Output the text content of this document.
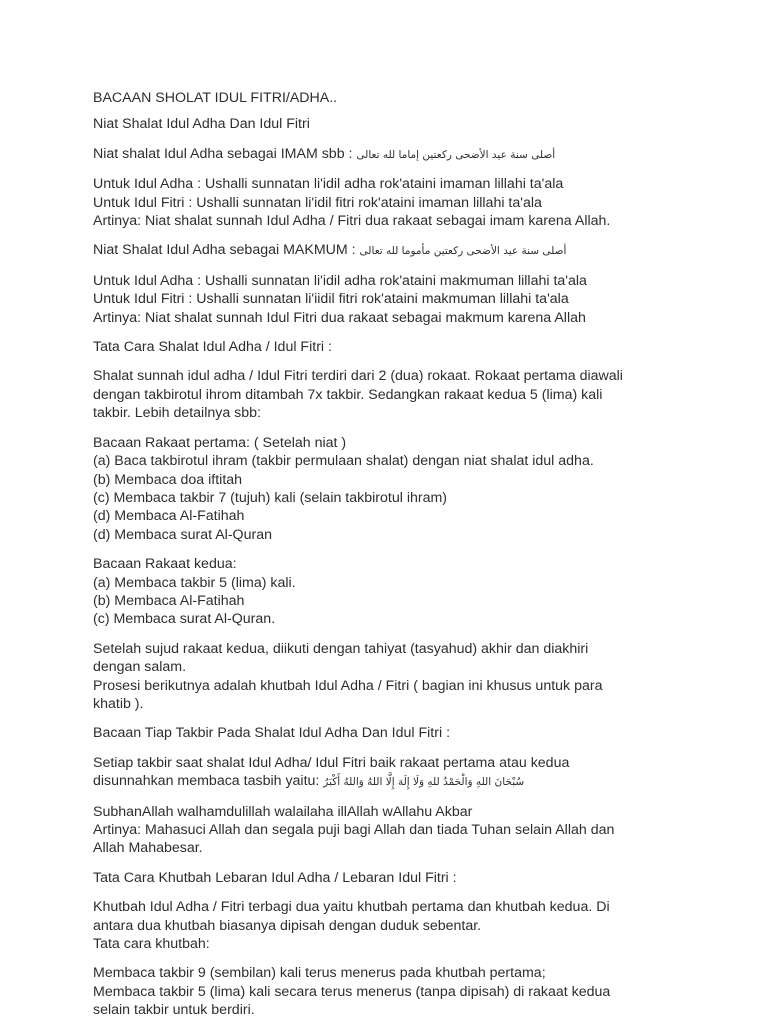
BACAAN SHOLAT IDUL FITRI/ADHA..

Niat Shalat Idul Adha Dan Idul Fitri

Niat shalat Idul Adha sebagai IMAM sbb : أصلى سنة عيد الأضحى ركعتين إماما لله تعالى

Untuk Idul Adha : Ushalli sunnatan li'idil adha rok'ataini imaman lillahi ta'ala
Untuk Idul Fitri : Ushalli sunnatan li'idil fitri rok'ataini imaman lillahi ta'ala
Artinya: Niat shalat sunnah Idul Adha / Fitri dua rakaat sebagai imam karena Allah.

Niat Shalat Idul Adha sebagai MAKMUM : أصلى سنة عيد الأضحى ركعتين مأموما لله تعالى

Untuk Idul Adha : Ushalli sunnatan li'idil adha rok'ataini makmuman lillahi ta'ala
Untuk Idul Fitri : Ushalli sunnatan li'iidil fitri rok'ataini makmuman lillahi ta'ala
Artinya: Niat shalat sunnah Idul Fitri dua rakaat sebagai makmum karena Allah

Tata Cara Shalat Idul Adha / Idul Fitri :

Shalat sunnah idul adha / Idul Fitri terdiri dari 2 (dua) rokaat. Rokaat pertama diawali
dengan takbirotul ihrom ditambah 7x takbir. Sedangkan rakaat kedua 5 (lima) kali
takbir. Lebih detailnya sbb:

Bacaan Rakaat pertama: ( Setelah niat )
(a) Baca takbirotul ihram (takbir permulaan shalat) dengan niat shalat idul adha.
(b) Membaca doa iftitah
(c) Membaca takbir 7 (tujuh) kali (selain takbirotul ihram)
(d) Membaca Al-Fatihah
(d) Membaca surat Al-Quran

Bacaan Rakaat kedua:
(a) Membaca takbir 5 (lima) kali.
(b) Membaca Al-Fatihah
(c) Membaca surat Al-Quran.

Setelah sujud rakaat kedua, diikuti dengan tahiyat (tasyahud) akhir dan diakhiri
dengan salam.
Prosesi berikutnya adalah khutbah Idul Adha / Fitri ( bagian ini khusus untuk para
khatib ).

Bacaan Tiap Takbir Pada Shalat Idul Adha Dan Idul Fitri :

Setiap takbir saat shalat Idul Adha/ Idul Fitri baik rakaat pertama atau kedua
disunnahkan membaca tasbih yaitu: سُبْحَانَ اللهِ وَالْحَمْدُ للهِ وَلَا إِلَهَ إِلَّا اللهُ وَاللهُ أَكْبَرُ

SubhanAllah walhamdulillah walailaha illAllah wAllahu Akbar
Artinya: Mahasuci Allah dan segala puji bagi Allah dan tiada Tuhan selain Allah dan
Allah Mahabesar.

Tata Cara Khutbah Lebaran Idul Adha / Lebaran Idul Fitri :

Khutbah Idul Adha / Fitri terbagi dua yaitu khutbah pertama dan khutbah kedua. Di
antara dua khutbah biasanya dipisah dengan duduk sebentar.
Tata cara khutbah:

Membaca takbir 9 (sembilan) kali terus menerus pada khutbah pertama;
Membaca takbir 5 (lima) kali secara terus menerus (tanpa dipisah) di rakaat kedua
selain takbir untuk berdiri.
